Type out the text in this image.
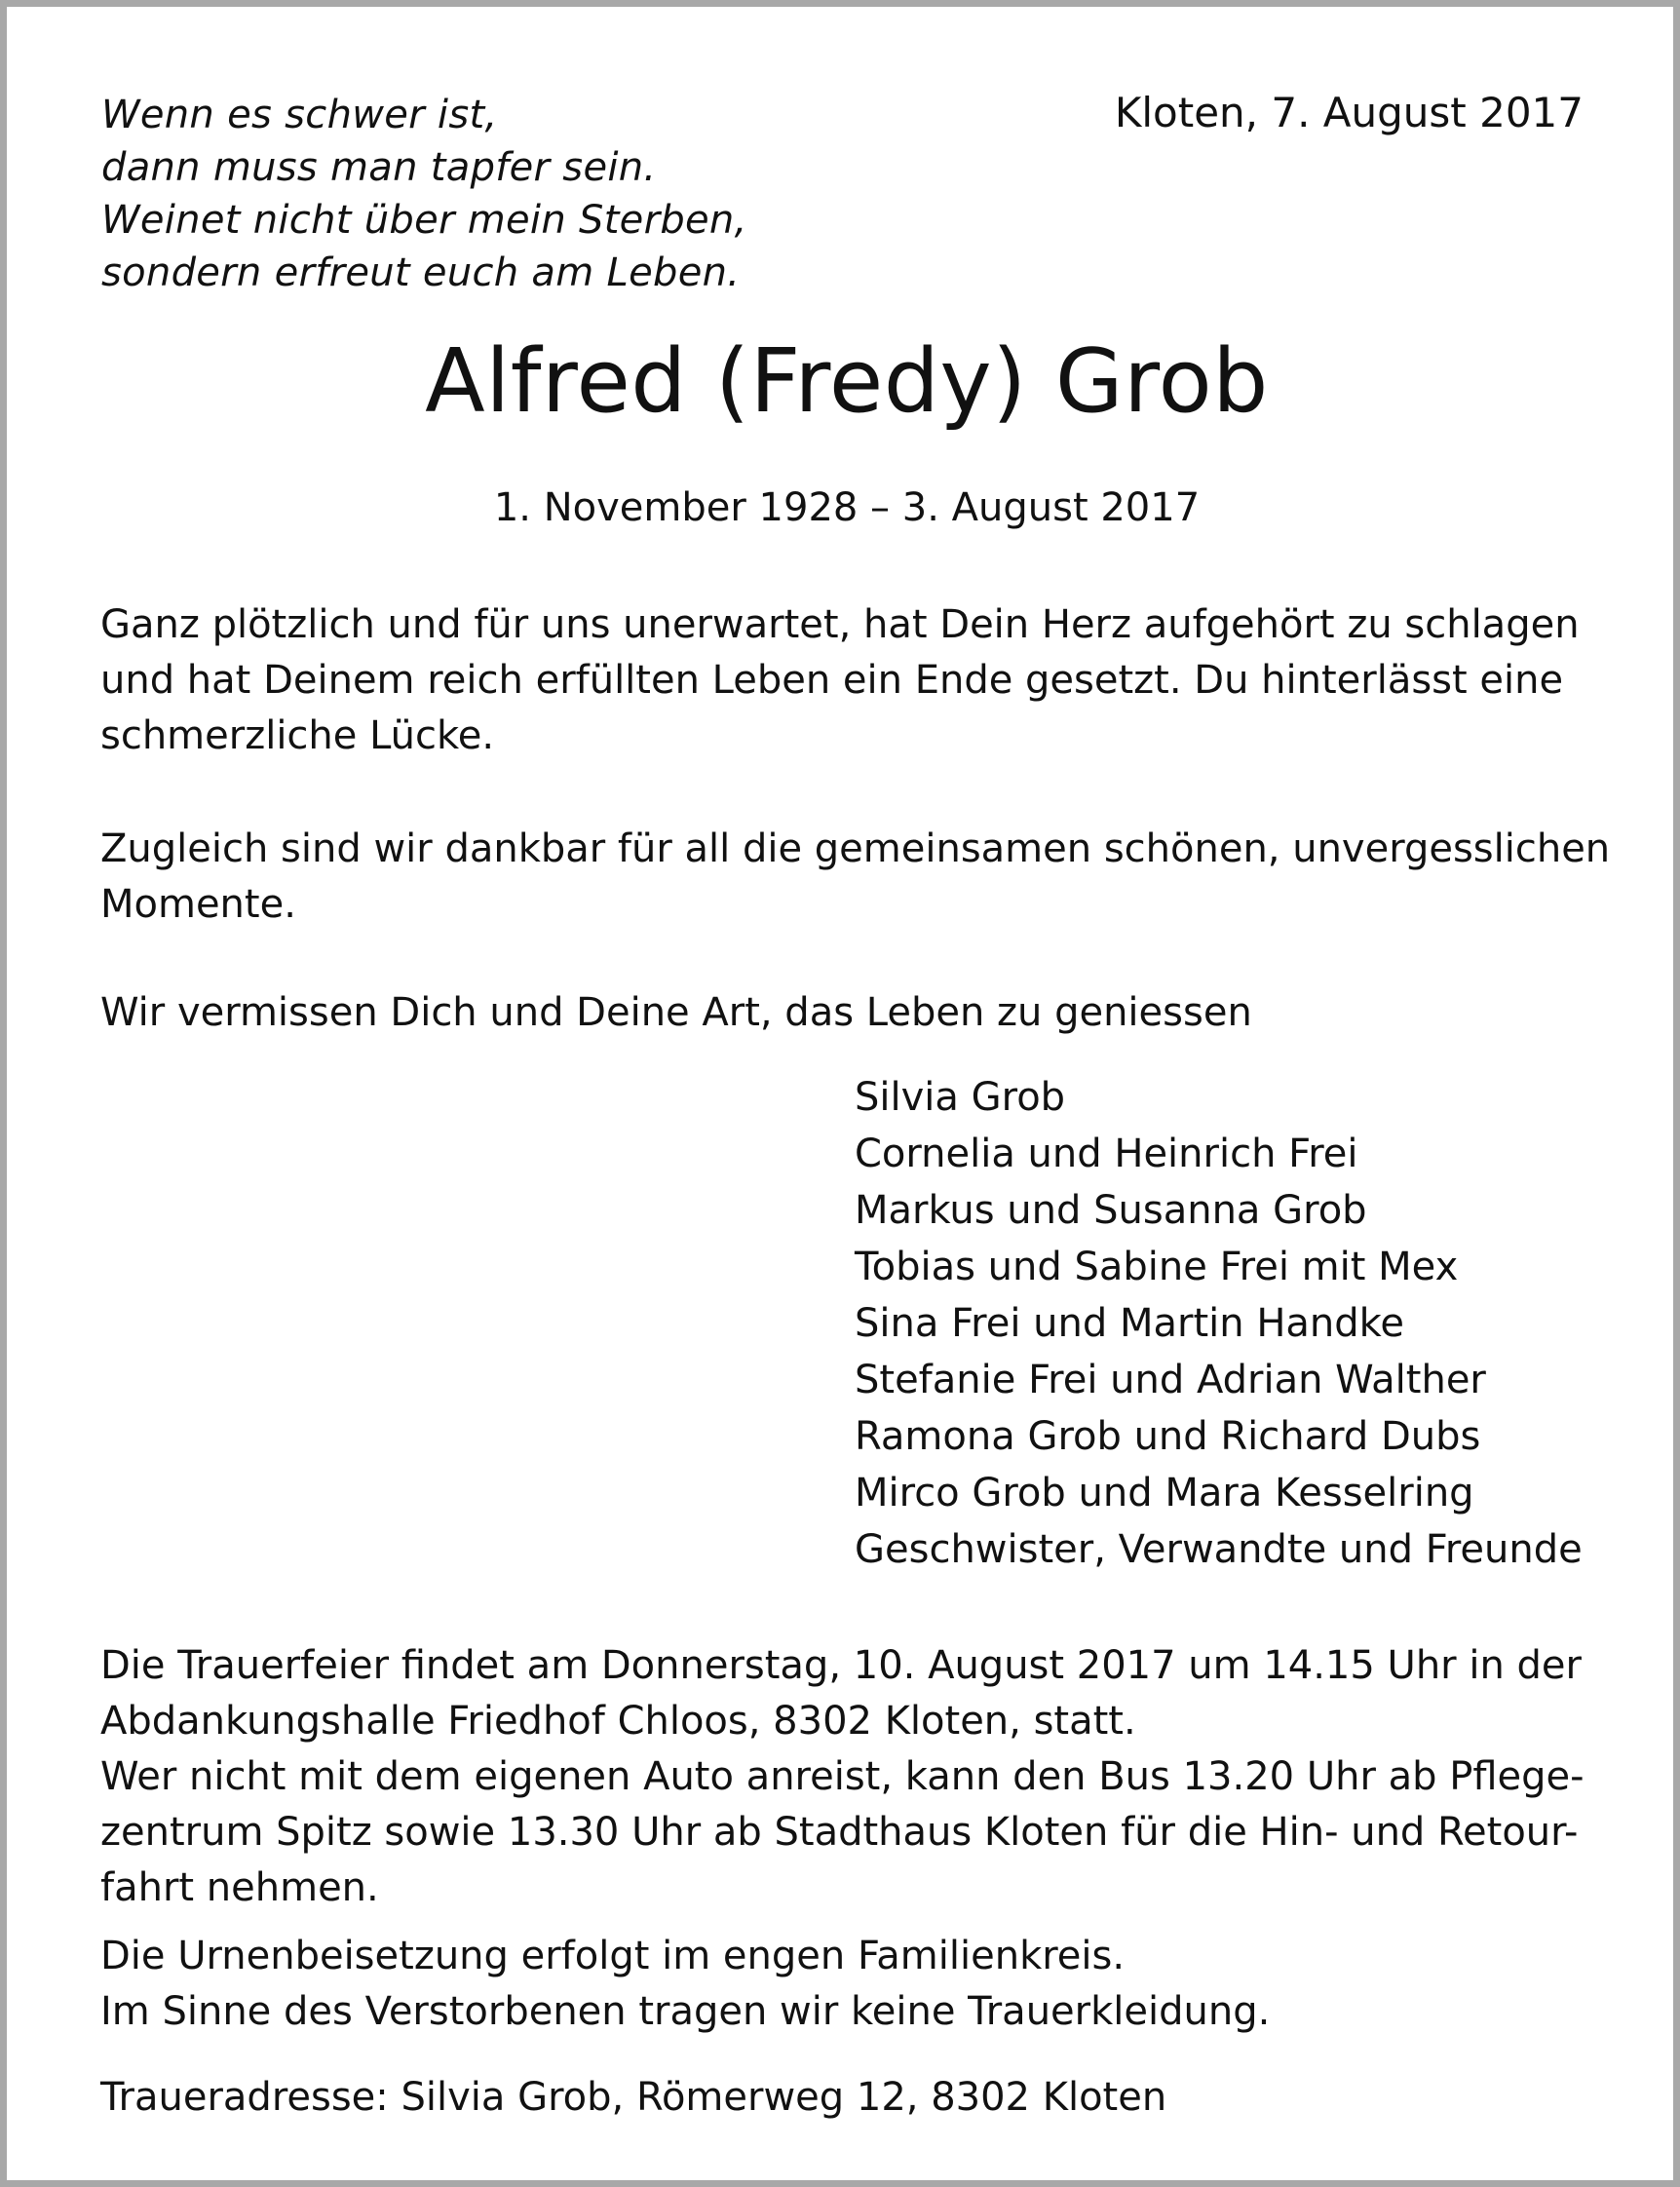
Wenn es schwer ist,
dann muss man tapfer sein.
Weinet nicht über mein Sterben,
sondern erfreut euch am Leben.
Kloten, 7. August 2017
Alfred (Fredy) Grob
1. November 1928 – 3. August 2017
Ganz plötzlich und für uns unerwartet, hat Dein Herz aufgehört zu schlagen
und hat Deinem reich erfüllten Leben ein Ende gesetzt. Du hinterlässt eine
schmerzliche Lücke.
Zugleich sind wir dankbar für all die gemeinsamen schönen, unvergesslichen
Momente.
Wir vermissen Dich und Deine Art, das Leben zu geniessen
Silvia Grob
Cornelia und Heinrich Frei
Markus und Susanna Grob
Tobias und Sabine Frei mit Mex
Sina Frei und Martin Handke
Stefanie Frei und Adrian Walther
Ramona Grob und Richard Dubs
Mirco Grob und Mara Kesselring
Geschwister, Verwandte und Freunde
Die Trauerfeier findet am Donnerstag, 10. August 2017 um 14.15 Uhr in der
Abdankungshalle Friedhof Chloos, 8302 Kloten, statt.
Wer nicht mit dem eigenen Auto anreist, kann den Bus 13.20 Uhr ab Pflege-
zentrum Spitz sowie 13.30 Uhr ab Stadthaus Kloten für die Hin- und Retour-
fahrt nehmen.
Die Urnenbeisetzung erfolgt im engen Familienkreis.
Im Sinne des Verstorbenen tragen wir keine Trauerkleidung.
Traueradresse: Silvia Grob, Römerweg 12, 8302 Kloten
